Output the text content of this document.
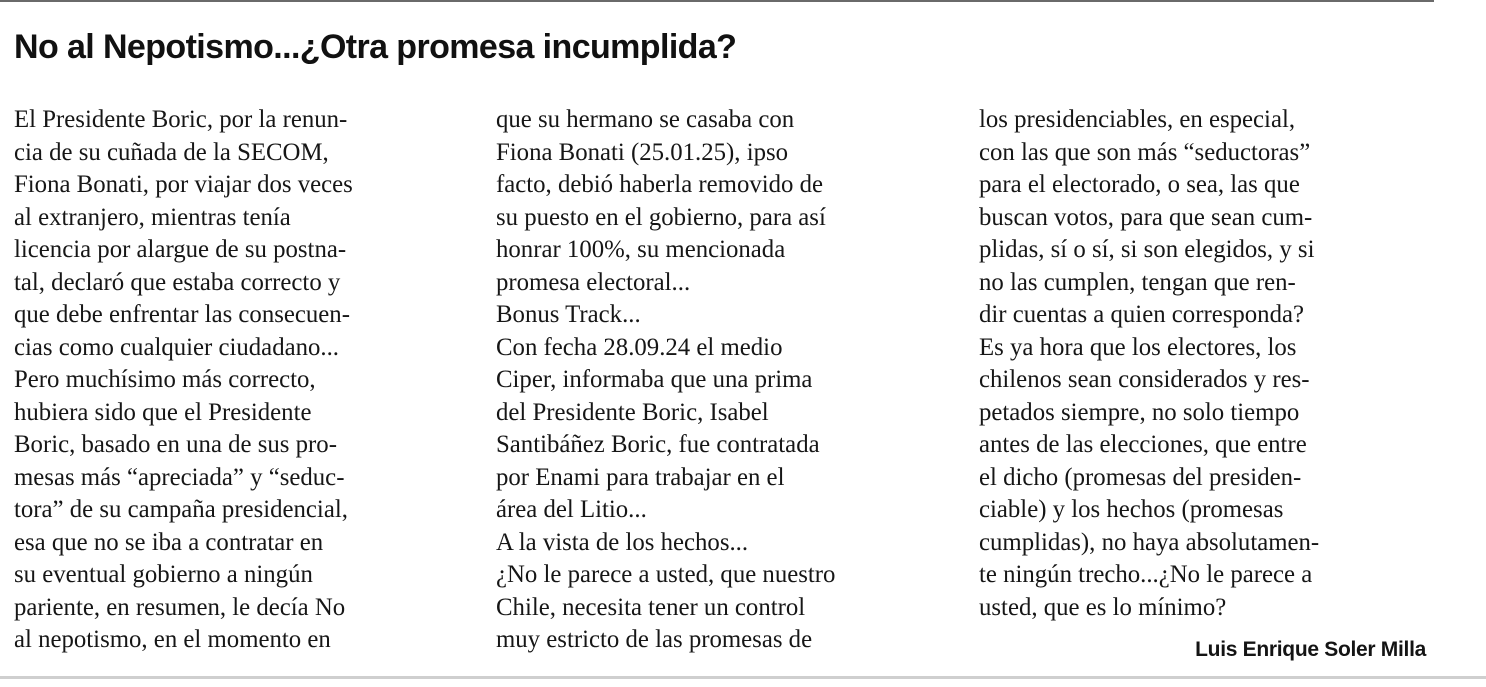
No al Nepotismo...¿Otra promesa incumplida?
El Presidente Boric, por la renun-
cia de su cuñada de la SECOM,
Fiona Bonati, por viajar dos veces
al extranjero, mientras tenía
licencia por alargue de su postna-
tal, declaró que estaba correcto y
que debe enfrentar las consecuen-
cias como cualquier ciudadano...
Pero muchísimo más correcto,
hubiera sido que el Presidente
Boric, basado en una de sus pro-
mesas más “apreciada” y “seduc-
tora” de su campaña presidencial,
esa que no se iba a contratar en
su eventual gobierno a ningún
pariente, en resumen, le decía No
al nepotismo, en el momento en
que su hermano se casaba con
Fiona Bonati (25.01.25), ipso
facto, debió haberla removido de
su puesto en el gobierno, para así
honrar 100%, su mencionada
promesa electoral...
Bonus Track...
Con fecha 28.09.24 el medio
Ciper, informaba que una prima
del Presidente Boric, Isabel
Santibáñez Boric, fue contratada
por Enami para trabajar en el
área del Litio...
A la vista de los hechos...
¿No le parece a usted, que nuestro
Chile, necesita tener un control
muy estricto de las promesas de
los presidenciables, en especial,
con las que son más “seductoras”
para el electorado, o sea, las que
buscan votos, para que sean cum-
plidas, sí o sí, si son elegidos, y si
no las cumplen, tengan que ren-
dir cuentas a quien corresponda?
Es ya hora que los electores, los
chilenos sean considerados y res-
petados siempre, no solo tiempo
antes de las elecciones, que entre
el dicho (promesas del presiden-
ciable) y los hechos (promesas
cumplidas), no haya absolutamen-
te ningún trecho...¿No le parece a
usted, que es lo mínimo?

Luis Enrique Soler Milla
